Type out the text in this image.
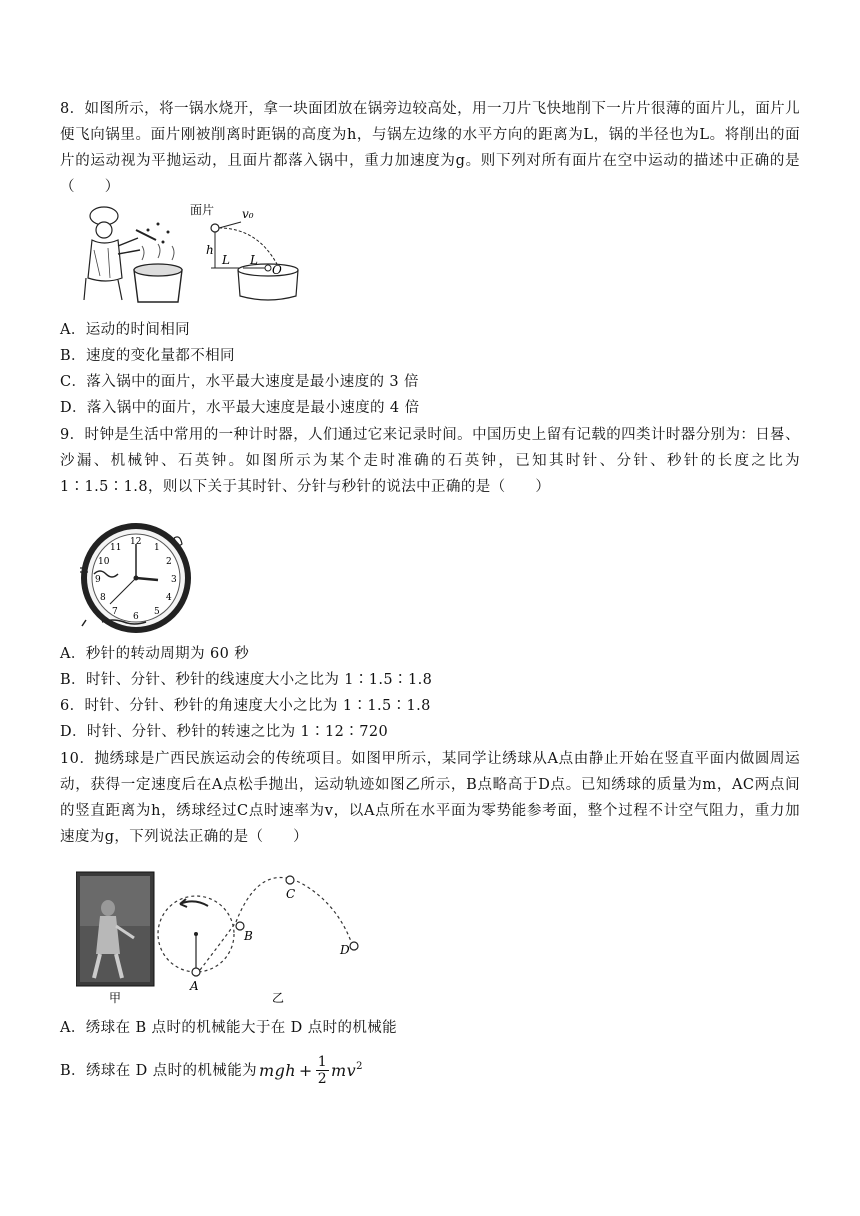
8．如图所示，将一锅水烧开，拿一块面团放在锅旁边较高处，用一刀片飞快地削下一片片很薄的面片儿，面片儿便飞向锅里。面片刚被削离时距锅的高度为h，与锅左边缘的水平方向的距离为L，锅的半径也为L。将削出的面片的运动视为平抛运动，且面片都落入锅中，重力加速度为g。则下列对所有面片在空中运动的描述中正确的是（　　）

面片 v₀
h
L L
O

A．运动的时间相同

B．速度的变化量都不相同

C．落入锅中的面片，水平最大速度是最小速度的 3 倍

D．落入锅中的面片，水平最大速度是最小速度的 4 倍

9．时钟是生活中常用的一种计时器，人们通过它来记录时间。中国历史上留有记载的四类计时器分别为：日晷、沙漏、机械钟、石英钟。如图所示为某个走时准确的石英钟，已知其时针、分针、秒针的长度之比为 1∶1.5∶1.8，则以下关于其时针、分针与秒针的说法中正确的是（　　）

12
1
2
3
4
5
6
7
8
9
10
11

A．秒针的转动周期为 60 秒

B．时针、分针、秒针的线速度大小之比为 1∶1.5∶1.8

6．时针、分针、秒针的角速度大小之比为 1∶1.5∶1.8

D．时针、分针、秒针的转速之比为 1∶12∶720

10．抛绣球是广西民族运动会的传统项目。如图甲所示，某同学让绣球从A点由静止开始在竖直平面内做圆周运动，获得一定速度后在A点松手抛出，运动轨迹如图乙所示，B点略高于D点。已知绣球的质量为m，AC两点间的竖直距离为h，绣球经过C点时速率为v，以A点所在水平面为零势能参考面，整个过程不计空气阻力，重力加速度为g，下列说法正确的是（　　）

甲
A
B
C
D
乙

A．绣球在 B 点时的机械能大于在 D 点时的机械能

B．绣球在 D 点时的机械能为 mgh + $\frac{1}{2} mv^2$
